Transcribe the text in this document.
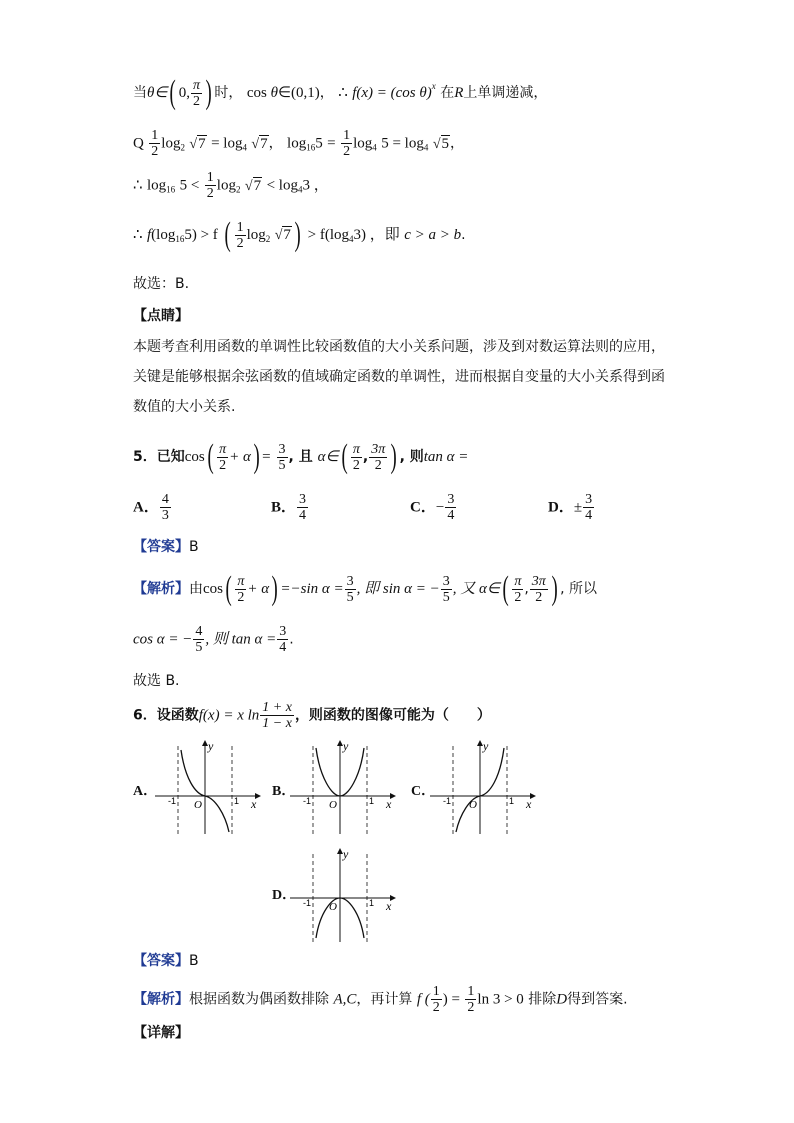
当θ∈( 0, $\frac{\pi}{2}$ ) 时， cos θ∈(0,1)， ∴ f(x) = (cos θ)$^x$ 在R上单调递减，
Q $\frac{1}{2} \log_2 √7 = \log_4 √7$， $\log_{16}5 = \frac{1}{2} \log_4 5 = \log_4 √5$，
∴ $\log_{16} 5 < \frac{1}{2} \log_2 √7 < \log_43$ ，
∴ $f(\log_{16}5) > f$ ( $\frac{1}{2} \log_2 √7$ ) > $f(\log_43)$ ，即 c > a > b.
故选：B.
【点睛】
本题考查利用函数的单调性比较函数值的大小关系问题，涉及到对数运算法则的应用，关键是能够根据余弦函数的值域确定函数的单调性，进而根据自变量的大小关系得到函数值的大小关系.
5．已知$\cos( \frac{\pi}{2} + \alpha) = \frac{3}{5}$ , 且 α∈( $\frac{\pi}{2}$ , $\frac{3\pi}{2}$ ) , 则tan α =
A． $\frac{4}{3}$	B． $\frac{3}{4}$	C．− $\frac{3}{4}$	D．± $\frac{3}{4}$
【答案】B
【解析】由$\cos( \frac{\pi}{2} + \alpha) =-\sin$ $\alpha = \frac{3}{5}$ , 即 sin α = − $\frac{3}{5}$ , 又 α∈( $\frac{\pi}{2}$ , $\frac{3\pi}{2}$ ) , 所以
cos α = − $\frac{4}{5}$ , 则 $\tan \alpha = \frac{3}{4}$ .
故选 B.
6．设函数f(x) = x $\ln \frac{1 + x}{1 - x}$ ，则函数的图像可能为（　　）
A．
y
x
O
-1	1
B．
y
x
O
-1	1
C．
y
x
O
-1	1
D．
y
x
O
-1	1
【答案】B
【解析】根据函数为偶函数排除 A,C，再计算 f ( $\frac{1}{2}$ ) = $\frac{1}{2}$ ln 3 > 0 排除D得到答案.
【详解】
